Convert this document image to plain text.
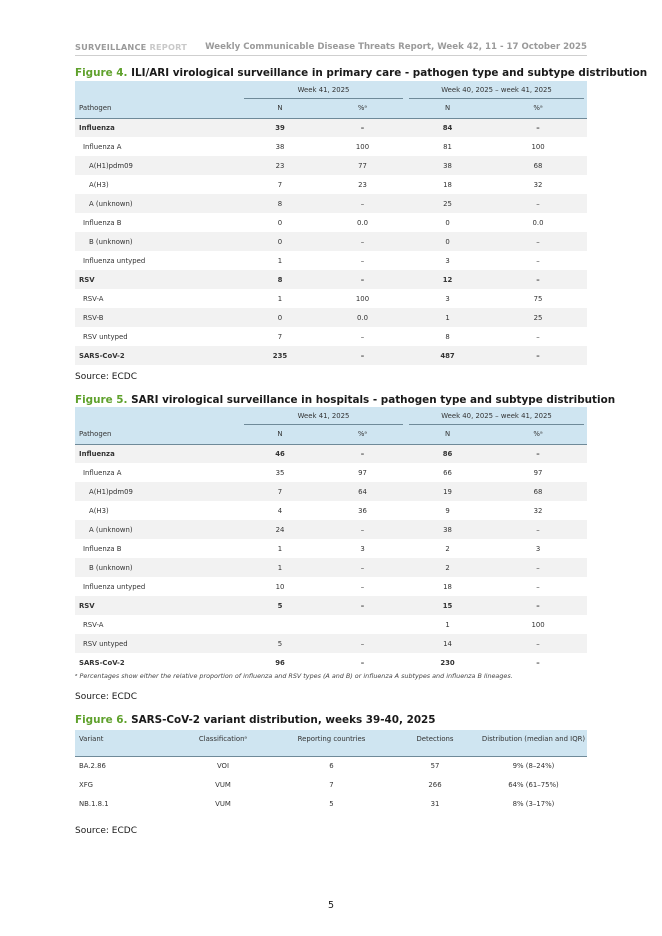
SURVEILLANCE REPORT Weekly Communicable Disease Threats Report, Week 42, 11 - 17 October 2025
Figure 4. ILI/ARI virological surveillance in primary care - pathogen type and subtype distribution
	Week 41, 2025		Week 40, 2025 – week 41, 2025	
Pathogen	N	%ᵃ	N	%ᵃ
Influenza	39	–	84	–
Influenza A	38	100	81	100
A(H1)pdm09	23	77	38	68
A(H3)	7	23	18	32
A (unknown)	8	–	25	–
Influenza B	0	0.0	0	0.0
B (unknown)	0	–	0	–
Influenza untyped	1	–	3	–
RSV	8	–	12	–
RSV-A	1	100	3	75
RSV-B	0	0.0	1	25
RSV untyped	7	–	8	–
SARS-CoV-2	235	–	487	–
Source: ECDC
Figure 5. SARI virological surveillance in hospitals - pathogen type and subtype distribution
	Week 41, 2025		Week 40, 2025 – week 41, 2025	
Pathogen	N	%ᵃ	N	%ᵃ
Influenza	46	–	86	–
Influenza A	35	97	66	97
A(H1)pdm09	7	64	19	68
A(H3)	4	36	9	32
A (unknown)	24	–	38	–
Influenza B	1	3	2	3
B (unknown)	1	–	2	–
Influenza untyped	10	–	18	–
RSV	5	–	15	–
RSV-A			1	100
RSV untyped	5	–	14	–
SARS-CoV-2	96	–	230	–
ᵃ Percentages show either the relative proportion of influenza and RSV types (A and B) or influenza A subtypes and influenza B lineages.
Source: ECDC
Figure 6. SARS-CoV-2 variant distribution, weeks 39-40, 2025
Variant	Classificationᵃ	Reporting countries	Detections	Distribution (median and IQR)
BA.2.86	VOI	6	57	9% (8–24%)
XFG	VUM	7	266	64% (61–75%)
NB.1.8.1	VUM	5	31	8% (3–17%)
Source: ECDC
5
